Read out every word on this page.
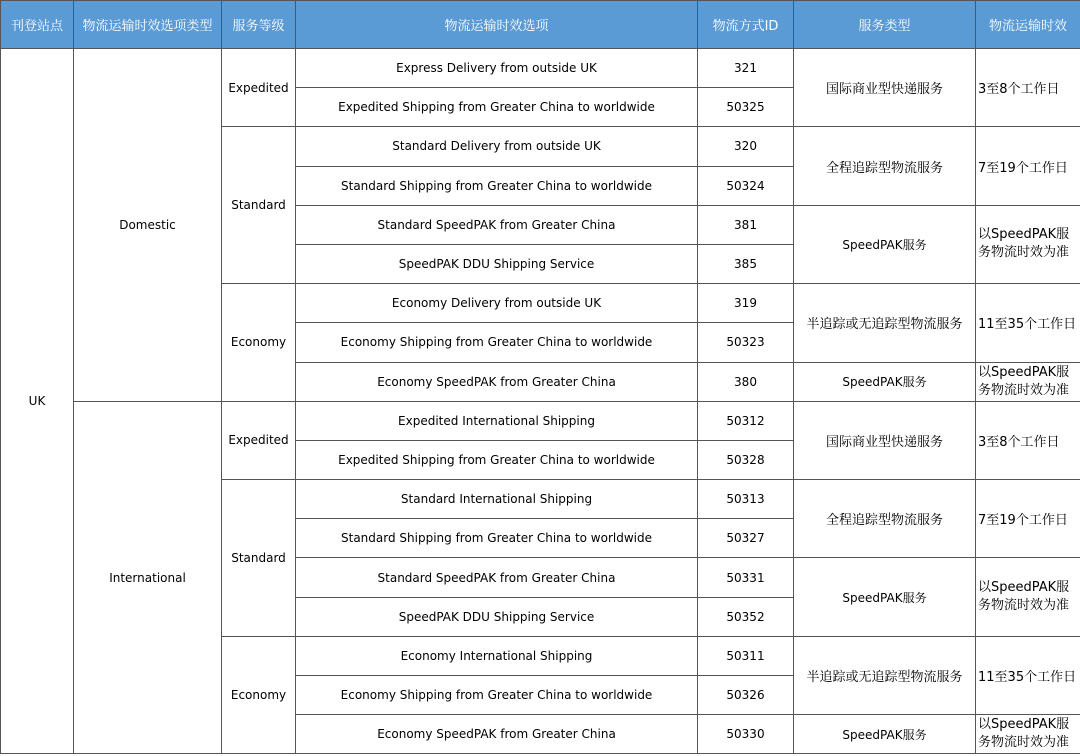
刊登站点	物流运输时效选项类型	服务等级	物流运输时效选项	物流方式ID	服务类型	物流运输时效
UK	Domestic	Expedited	Express Delivery from outside UK	321	国际商业型快递服务	3至8个工作日
			Expedited Shipping from Greater China to worldwide	50325		
		Standard	Standard Delivery from outside UK	320	全程追踪型物流服务	7至19个工作日
			Standard Shipping from Greater China to worldwide	50324		
			Standard SpeedPAK from Greater China	381	SpeedPAK服务	以SpeedPAK服务物流时效为准
			SpeedPAK DDU Shipping Service	385		
		Economy	Economy Delivery from outside UK	319	半追踪或无追踪型物流服务	11至35个工作日
			Economy Shipping from Greater China to worldwide	50323		
			Economy SpeedPAK from Greater China	380	SpeedPAK服务	以SpeedPAK服务物流时效为准
	International	Expedited	Expedited International Shipping	50312	国际商业型快递服务	3至8个工作日
			Expedited Shipping from Greater China to worldwide	50328		
		Standard	Standard International Shipping	50313	全程追踪型物流服务	7至19个工作日
			Standard Shipping from Greater China to worldwide	50327		
			Standard SpeedPAK from Greater China	50331	SpeedPAK服务	以SpeedPAK服务物流时效为准
			SpeedPAK DDU Shipping Service	50352		
		Economy	Economy International Shipping	50311	半追踪或无追踪型物流服务	11至35个工作日
			Economy Shipping from Greater China to worldwide	50326		
			Economy SpeedPAK from Greater China	50330	SpeedPAK服务	以SpeedPAK服务物流时效为准
